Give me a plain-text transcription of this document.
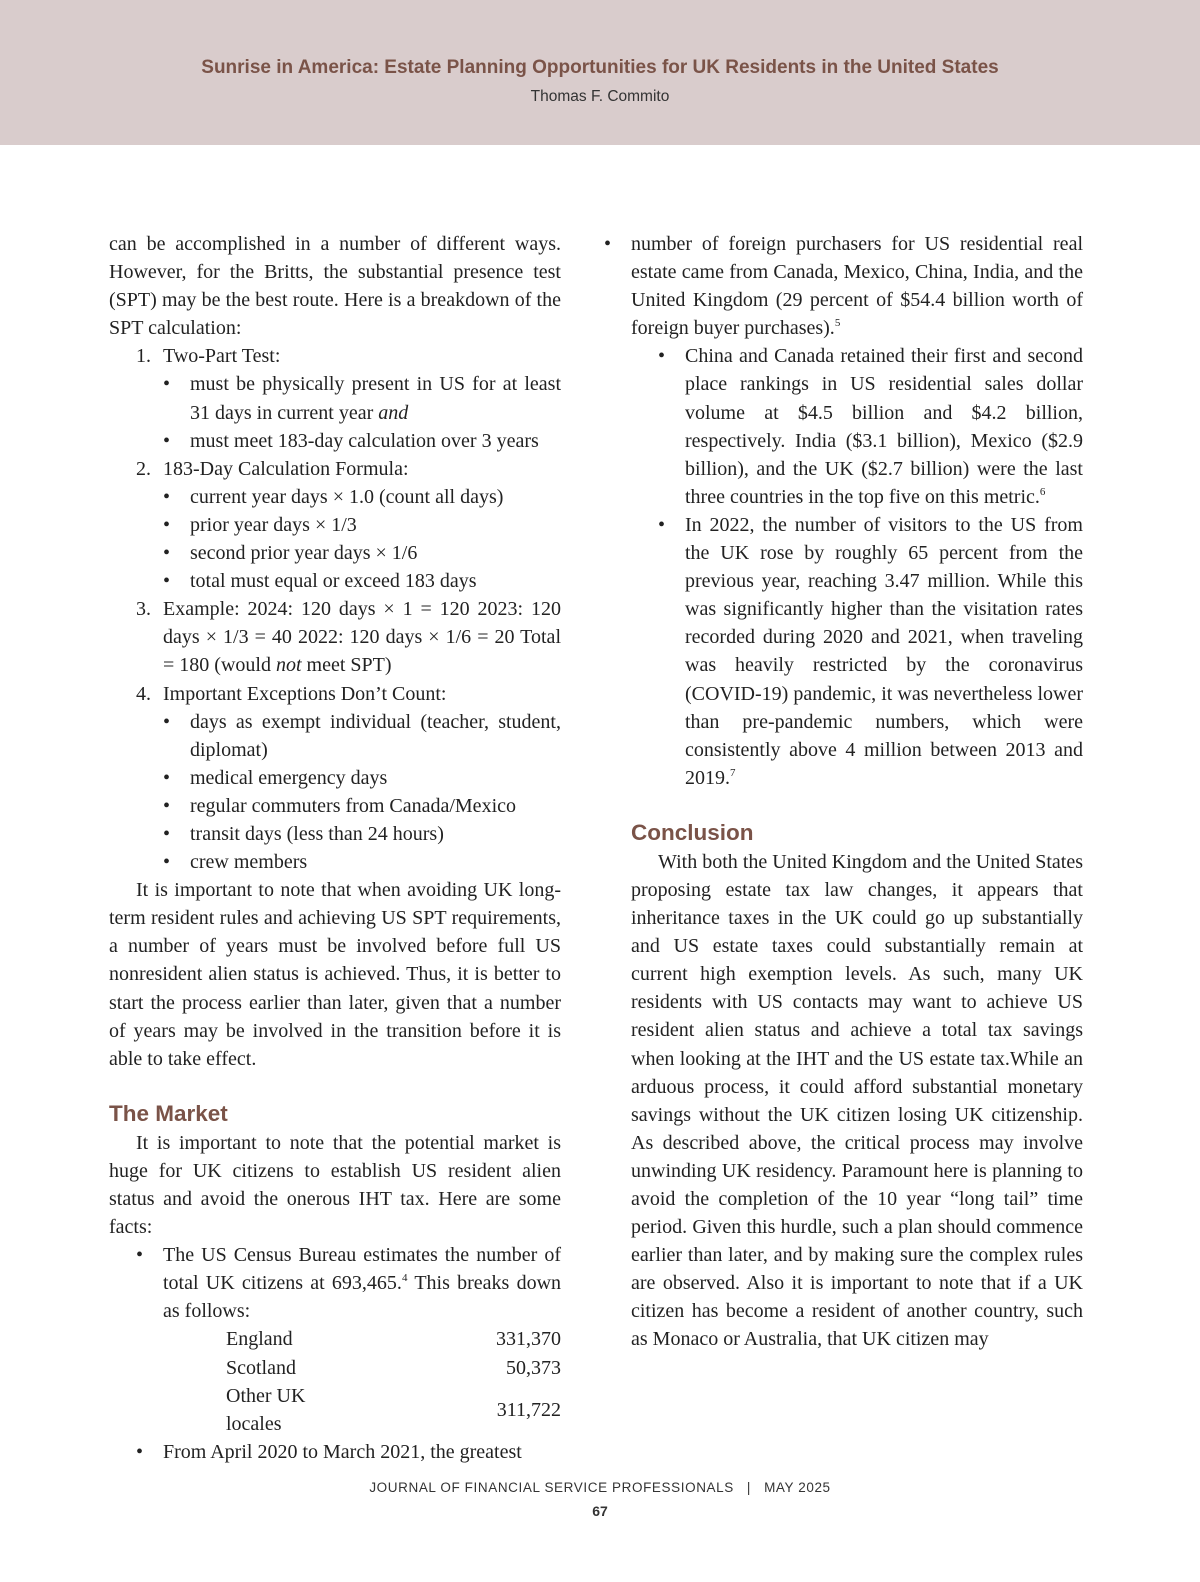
Sunrise in America: Estate Planning Opportunities for UK Residents in the United States
Thomas F. Commito

can be accomplished in a number of different ways. However, for the Britts, the substantial presence test (SPT) may be the best route. Here is a breakdown of the SPT calculation:

1. Two-Part Test:

• must be physically present in US for at least 31 days in current year and

• must meet 183-day calculation over 3 years

2. 183-Day Calculation Formula:

• current year days × 1.0 (count all days)

• prior year days × 1/3

• second prior year days × 1/6

• total must equal or exceed 183 days

3. Example: 2024: 120 days × 1 = 120 2023: 120 days × 1/3 = 40 2022: 120 days × 1/6 = 20 Total = 180 (would not meet SPT)

4. Important Exceptions Don’t Count:

• days as exempt individual (teacher, student, diplomat)

• medical emergency days

• regular commuters from Canada/Mexico

• transit days (less than 24 hours)

• crew members

It is important to note that when avoiding UK long-term resident rules and achieving US SPT requirements, a number of years must be involved before full US nonresident alien status is achieved. Thus, it is better to start the process earlier than later, given that a number of years may be involved in the transition before it is able to take effect.

The Market

It is important to note that the potential market is huge for UK citizens to establish US resident alien status and avoid the onerous IHT tax. Here are some facts:

• The US Census Bureau estimates the number of total UK citizens at 693,465.$^4$ This breaks down as follows:

England	331,370
Scotland	50,373
Other UK locales	311,722

• From April 2020 to March 2021, the greatest

• number of foreign purchasers for US residential real estate came from Canada, Mexico, China, India, and the United Kingdom (29 percent of $54.4 billion worth of foreign buyer purchases).$^5$

• China and Canada retained their first and second place rankings in US residential sales dollar volume at $4.5 billion and $4.2 billion, respectively. India ($3.1 billion), Mexico ($2.9 billion), and the UK ($2.7 billion) were the last three countries in the top five on this metric.$^6$

• In 2022, the number of visitors to the US from the UK rose by roughly 65 percent from the previous year, reaching 3.47 million. While this was significantly higher than the visitation rates recorded during 2020 and 2021, when traveling was heavily restricted by the coronavirus (COVID-19) pandemic, it was nevertheless lower than pre-pandemic numbers, which were consistently above 4 million between 2013 and 2019.$^7$

Conclusion

With both the United Kingdom and the United States proposing estate tax law changes, it appears that inheritance taxes in the UK could go up substantially and US estate taxes could substantially remain at current high exemption levels. As such, many UK residents with US contacts may want to achieve US resident alien status and achieve a total tax savings when looking at the IHT and the US estate tax.While an arduous process, it could afford substantial monetary savings without the UK citizen losing UK citizenship. As described above, the critical process may involve unwinding UK residency. Paramount here is planning to avoid the completion of the 10 year “long tail” time period. Given this hurdle, such a plan should commence earlier than later, and by making sure the complex rules are observed. Also it is important to note that if a UK citizen has become a resident of another country, such as Monaco or Australia, that UK citizen may

JOURNAL OF FINANCIAL SERVICE PROFESSIONALS   |   MAY 2025
67
